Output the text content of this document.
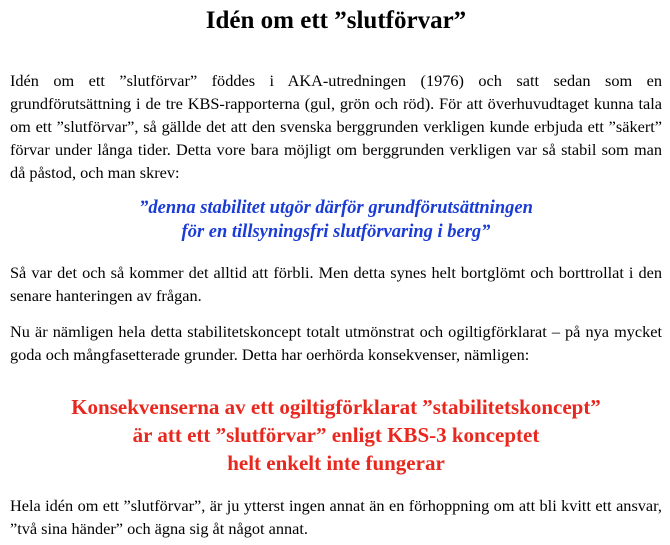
Idén om ett ”slutförvar”

Idén om ett ”slutförvar” föddes i AKA-utredningen (1976) och satt sedan som en grundförutsättning i de tre KBS-rapporterna (gul, grön och röd). För att överhuvudtaget kunna tala om ett ”slutförvar”, så gällde det att den svenska berggrunden verkligen kunde erbjuda ett ”säkert” förvar under långa tider. Detta vore bara möjligt om berggrunden verkligen var så stabil som man då påstod, och man skrev:

”denna stabilitet utgör därför grundförutsättningen
för en tillsyningsfri slutförvaring i berg”

Så var det och så kommer det alltid att förbli. Men detta synes helt bortglömt och borttrollat i den senare hanteringen av frågan.

Nu är nämligen hela detta stabilitetskoncept totalt utmönstrat och ogiltigförklarat – på nya mycket goda och mångfasetterade grunder. Detta har oerhörda konsekvenser, nämligen:

Konsekvenserna av ett ogiltigförklarat ”stabilitetskoncept”
är att ett ”slutförvar” enligt KBS-3 konceptet
helt enkelt inte fungerar

Hela idén om ett ”slutförvar”, är ju ytterst ingen annat än en förhoppning om att bli kvitt ett ansvar, ”två sina händer” och ägna sig åt något annat.
